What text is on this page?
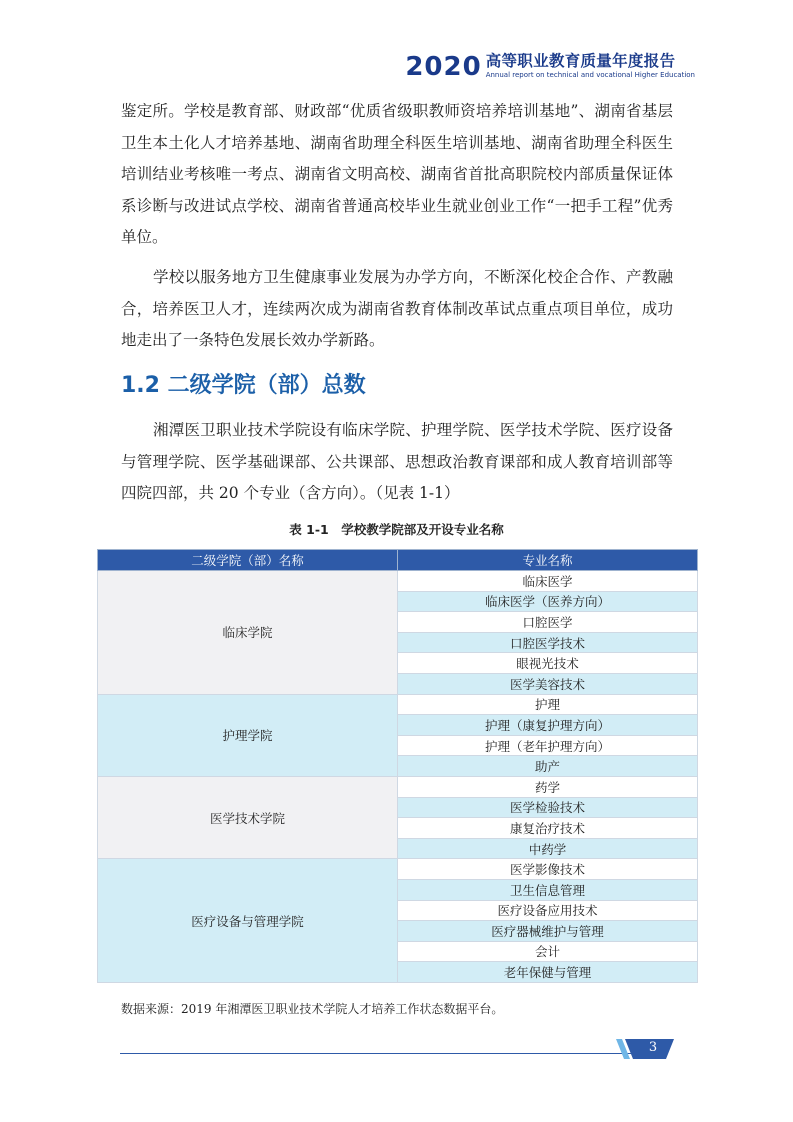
2020 高等职业教育质量年度报告
Annual report on technical and vocational Higher Education

鉴定所。学校是教育部、财政部“优质省级职教师资培养培训基地”、湖南省基层卫生本土化人才培养基地、湖南省助理全科医生培训基地、湖南省助理全科医生培训结业考核唯一考点、湖南省文明高校、湖南省首批高职院校内部质量保证体系诊断与改进试点学校、湖南省普通高校毕业生就业创业工作“一把手工程”优秀单位。

学校以服务地方卫生健康事业发展为办学方向，不断深化校企合作、产教融合，培养医卫人才，连续两次成为湖南省教育体制改革试点重点项目单位，成功地走出了一条特色发展长效办学新路。

1.2 二级学院（部）总数

湘潭医卫职业技术学院设有临床学院、护理学院、医学技术学院、医疗设备与管理学院、医学基础课部、公共课部、思想政治教育课部和成人教育培训部等四院四部，共 20 个专业（含方向）。（见表 1-1）

表 1-1　学校教学院部及开设专业名称
二级学院（部）名称	专业名称
临床学院	临床医学
	临床医学（医养方向）
	口腔医学
	口腔医学技术
	眼视光技术
	医学美容技术
护理学院	护理
	护理（康复护理方向）
	护理（老年护理方向）
	助产
医学技术学院	药学
	医学检验技术
	康复治疗技术
	中药学
医疗设备与管理学院	医学影像技术
	卫生信息管理
	医疗设备应用技术
	医疗器械维护与管理
	会计
	老年保健与管理
数据来源：2019 年湘潭医卫职业技术学院人才培养工作状态数据平台。
3
